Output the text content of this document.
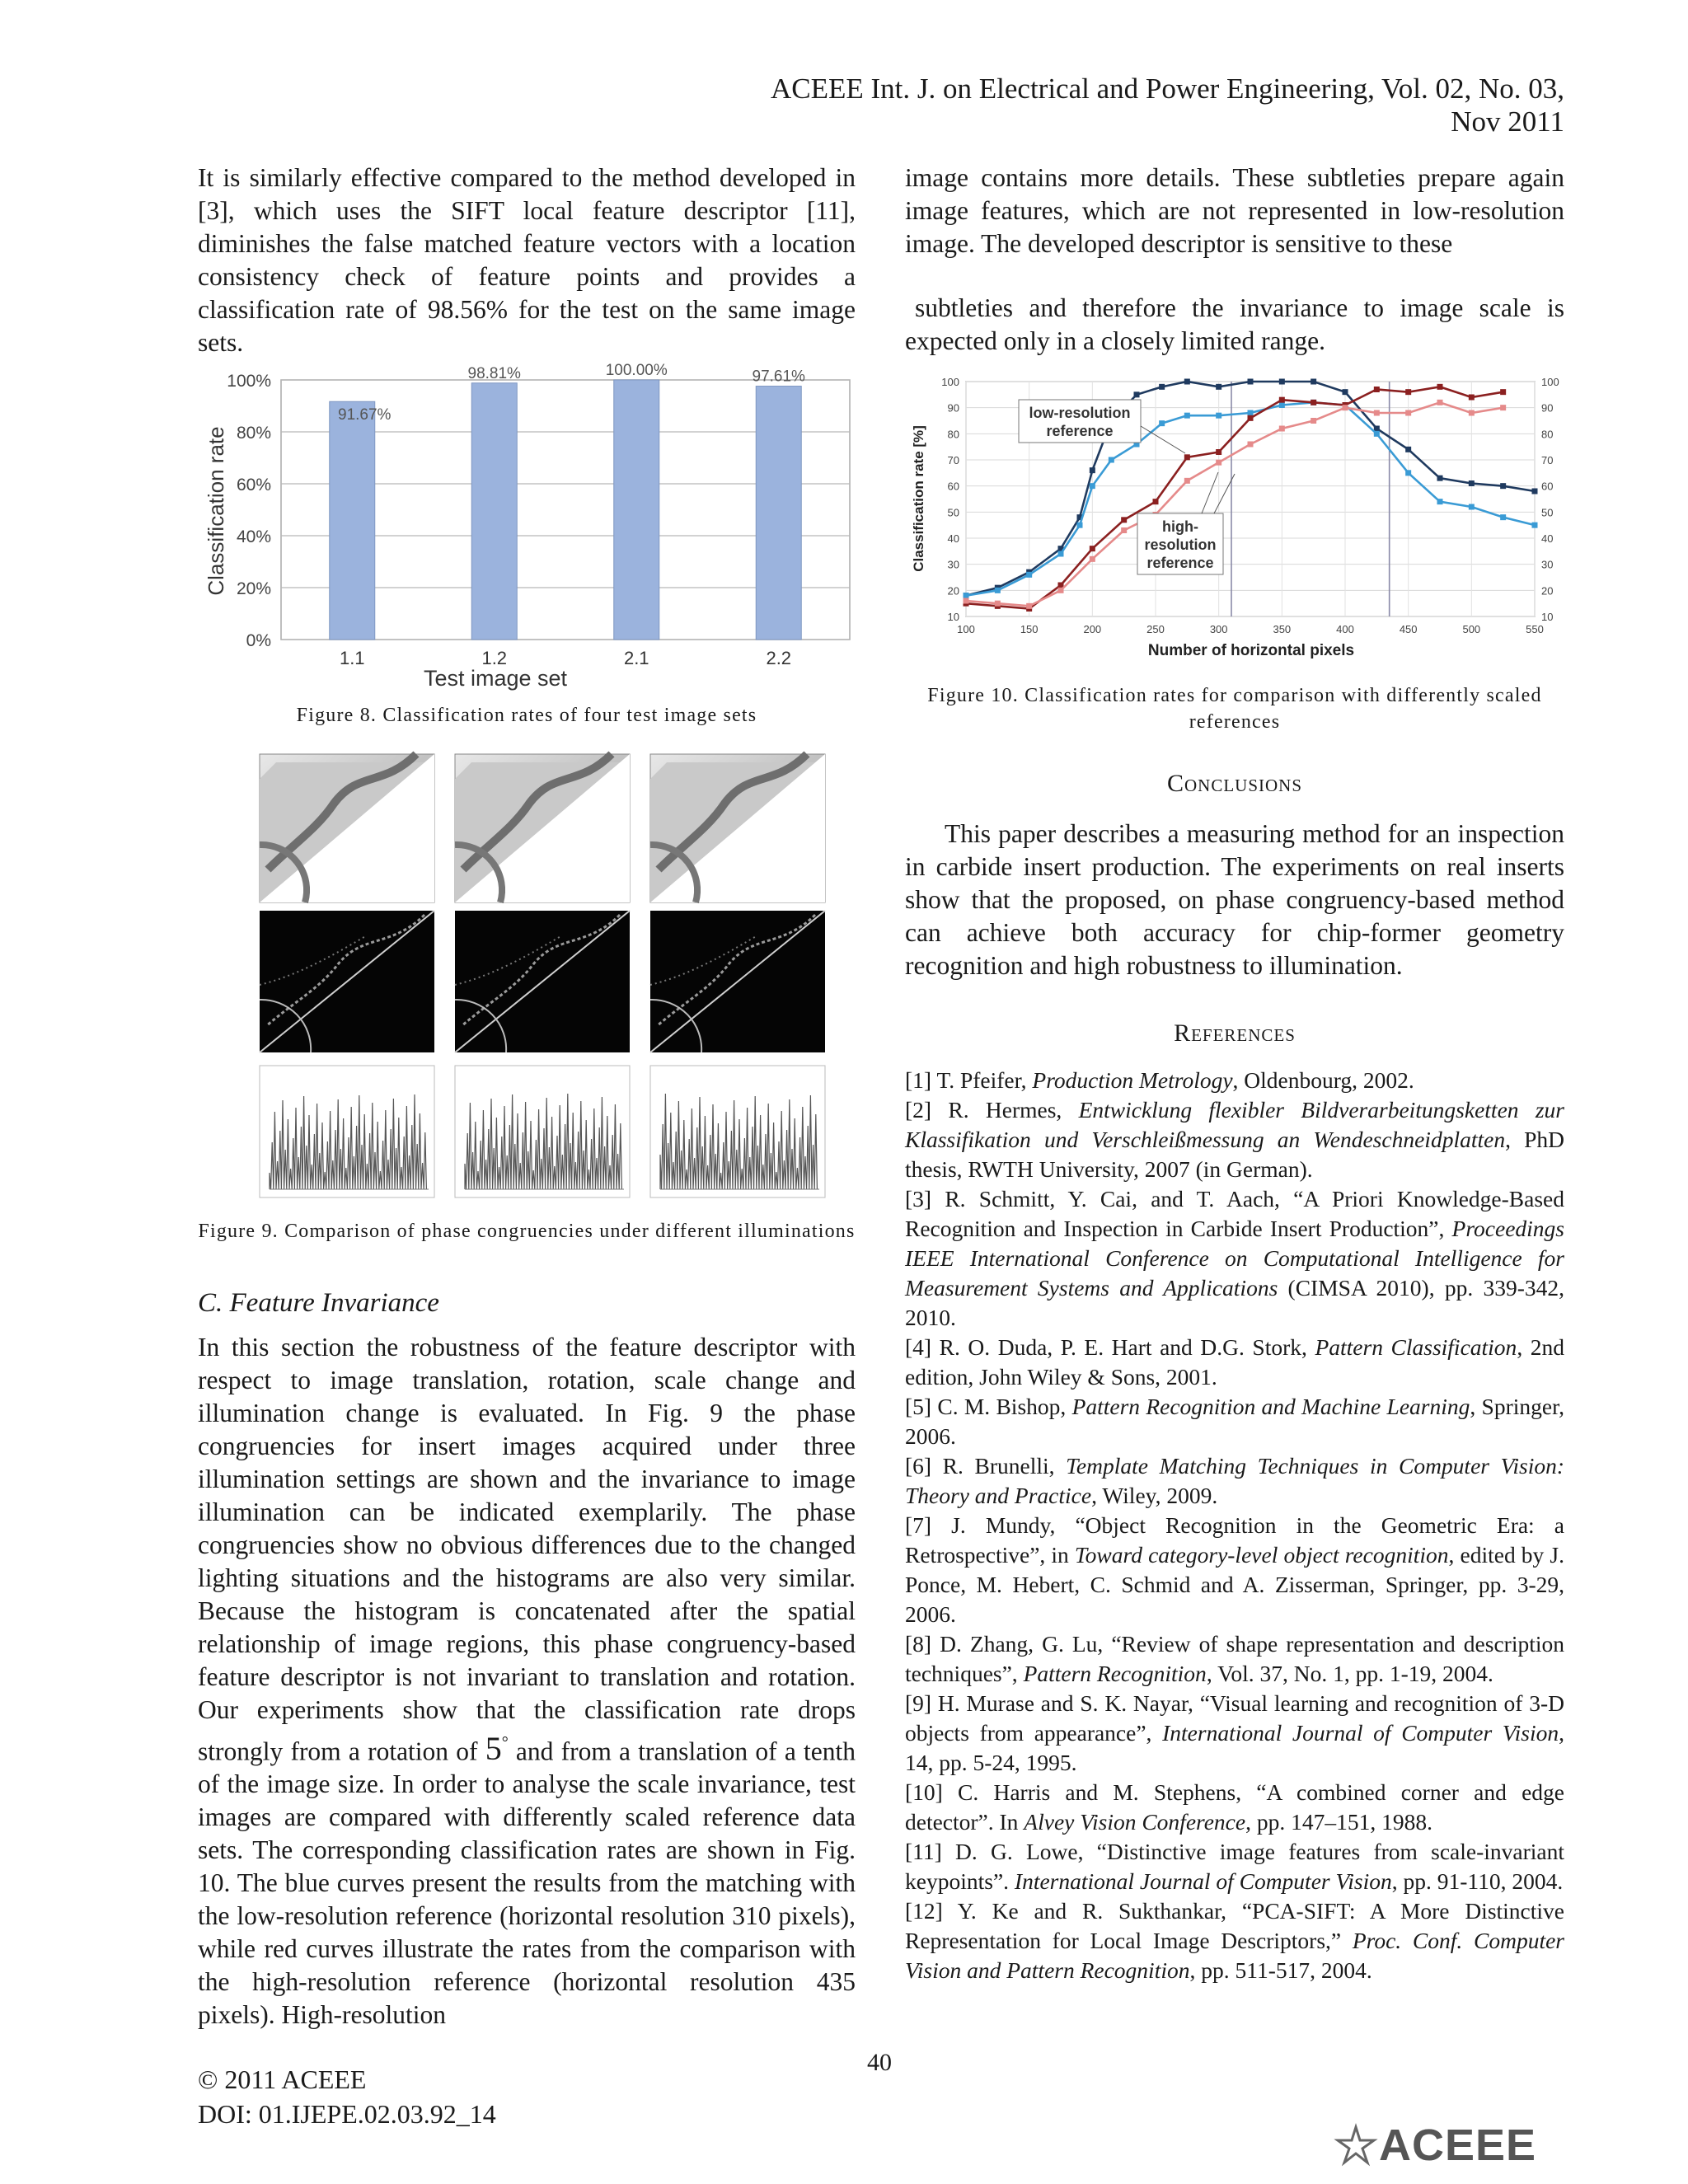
ACEEE Int. J. on Electrical and Power Engineering, Vol. 02, No. 03, Nov 2011
It is similarly effective compared to the method developed in [3], which uses the SIFT local feature descriptor [11], diminishes the false matched feature vectors with a location consistency check of feature points and provides a classification rate of 98.56% for the test on the same image sets.
0%
20%
40%
60%
80%
100%
1.1	1.2	2.1	2.2
91.67%
98.81%	100.00%	97.61%
Test image set
Classification rate
Figure 8. Classification rates of four test image sets
Figure 9. Comparison of phase congruencies under different illuminations
C. Feature Invariance
In this section the robustness of the feature descriptor with respect to image translation, rotation, scale change and illumination change is evaluated. In Fig. 9 the phase congruencies for insert images acquired under three illumination settings are shown and the invariance to image illumination can be indicated exemplarily. The phase congruencies show no obvious differences due to the changed lighting situations and the histograms are also very similar. Because the histogram is concatenated after the spatial relationship of image regions, this phase congruency-based feature descriptor is not invariant to translation and rotation. Our experiments show that the classification rate drops strongly from a rotation of 5° and from a translation of a tenth of the image size. In order to analyse the scale invariance, test images are compared with differently scaled reference data sets. The corresponding classification rates are shown in Fig. 10. The blue curves present the results from the matching with the low-resolution reference (horizontal resolution 310 pixels), while red curves illustrate the rates from the comparison with the high-resolution reference (horizontal resolution 435 pixels). High-resolution
image contains more details. These subtleties prepare again image features, which are not represented in low-resolution image. The developed descriptor is sensitive to these
subtleties and therefore the invariance to image scale is expected only in a closely limited range.
10
20
30
40
50
60
70
80
90
100
10
20
30
40
50
60
70
80
90
100
100	150	200	250	300	350	400	450	500	550
Number of horizontal pixels
Classification rate [%]
low-resolution
reference
high-
resolution
reference
Figure 10. Classification rates for comparison with differently scaled references
Conclusions
This paper describes a measuring method for an inspection in carbide insert production. The experiments on real inserts show that the proposed, on phase congruency-based method can achieve both accuracy for chip-former geometry recognition and high robustness to illumination.
References
[1] T. Pfeifer, Production Metrology, Oldenbourg, 2002.
[2] R. Hermes, Entwicklung flexibler Bildverarbeitungsketten zur Klassifikation und Verschleißmessung an Wendeschneidplatten, PhD thesis, RWTH University, 2007 (in German).
[3] R. Schmitt, Y. Cai, and T. Aach, “A Priori Knowledge-Based Recognition and Inspection in Carbide Insert Production”, Proceedings IEEE International Conference on Computational Intelligence for Measurement Systems and Applications (CIMSA 2010), pp. 339-342, 2010.
[4] R. O. Duda, P. E. Hart and D.G. Stork, Pattern Classification, 2nd edition, John Wiley & Sons, 2001.
[5] C. M. Bishop, Pattern Recognition and Machine Learning, Springer, 2006.
[6] R. Brunelli, Template Matching Techniques in Computer Vision: Theory and Practice, Wiley, 2009.
[7] J. Mundy, “Object Recognition in the Geometric Era: a Retrospective”, in Toward category-level object recognition, edited by J. Ponce, M. Hebert, C. Schmid and A. Zisserman, Springer, pp. 3-29, 2006.
[8] D. Zhang, G. Lu, “Review of shape representation and description techniques”, Pattern Recognition, Vol. 37, No. 1, pp. 1-19, 2004.
[9] H. Murase and S. K. Nayar, “Visual learning and recognition of 3-D objects from appearance”, International Journal of Computer Vision, 14, pp. 5-24, 1995.
[10] C. Harris and M. Stephens, “A combined corner and edge detector”. In Alvey Vision Conference, pp. 147–151, 1988.
[11] D. G. Lowe, “Distinctive image features from scale-invariant keypoints”. International Journal of Computer Vision, pp. 91-110, 2004.
[12] Y. Ke and R. Sukthankar, “PCA-SIFT: A More Distinctive Representation for Local Image Descriptors,” Proc. Conf. Computer Vision and Pattern Recognition, pp. 511-517, 2004.
© 2011 ACEEE
DOI: 01.IJEPE.02.03.92_14
40
ACEEE
